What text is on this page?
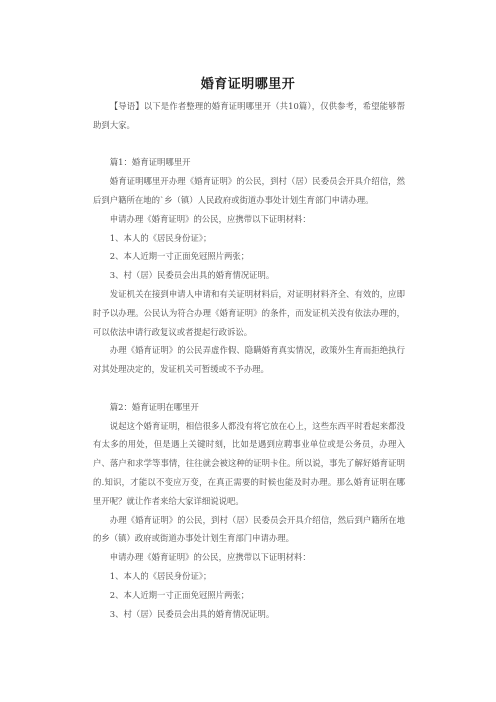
婚育证明哪里开

【导语】以下是作者整理的婚育证明哪里开（共10篇），仅供参考，希望能够帮助到大家。

篇1：婚育证明哪里开

婚育证明哪里开办理《婚育证明》的公民，到村（居）民委员会开具介绍信，然后到户籍所在地的`乡（镇）人民政府或街道办事处计划生育部门申请办理。

申请办理《婚育证明》的公民，应携带以下证明材料：

1、本人的《居民身份证》；

2、本人近期一寸正面免冠照片两张；

3、村（居）民委员会出具的婚育情况证明。

发证机关在接到申请人申请和有关证明材料后，对证明材料齐全、有效的，应即时予以办理。公民认为符合办理《婚育证明》的条件，而发证机关没有依法办理的，可以依法申请行政复议或者提起行政诉讼。

办理《婚育证明》的公民弄虚作假、隐瞒婚育真实情况，政策外生育而拒绝执行对其处理决定的，发证机关可暂缓或不予办理。

篇2：婚育证明在哪里开

说起这个婚育证明，相信很多人都没有将它放在心上，这些东西平时看起来都没有太多的用处，但是遇上关键时刻，比如是遇到应聘事业单位或是公务员，办理入户、落户和求学等事情，往往就会被这种的证明卡住。所以说，事先了解好婚育证明的.知识，才能以不变应万变，在真正需要的时候也能及时办理。那么婚育证明在哪里开呢？就让作者来给大家详细说说吧。

办理《婚育证明》的公民，到村（居）民委员会开具介绍信，然后到户籍所在地的乡（镇）政府或街道办事处计划生育部门申请办理。

申请办理《婚育证明》的公民，应携带以下证明材料：

1、本人的《居民身份证》；

2、本人近期一寸正面免冠照片两张；

3、村（居）民委员会出具的婚育情况证明。
